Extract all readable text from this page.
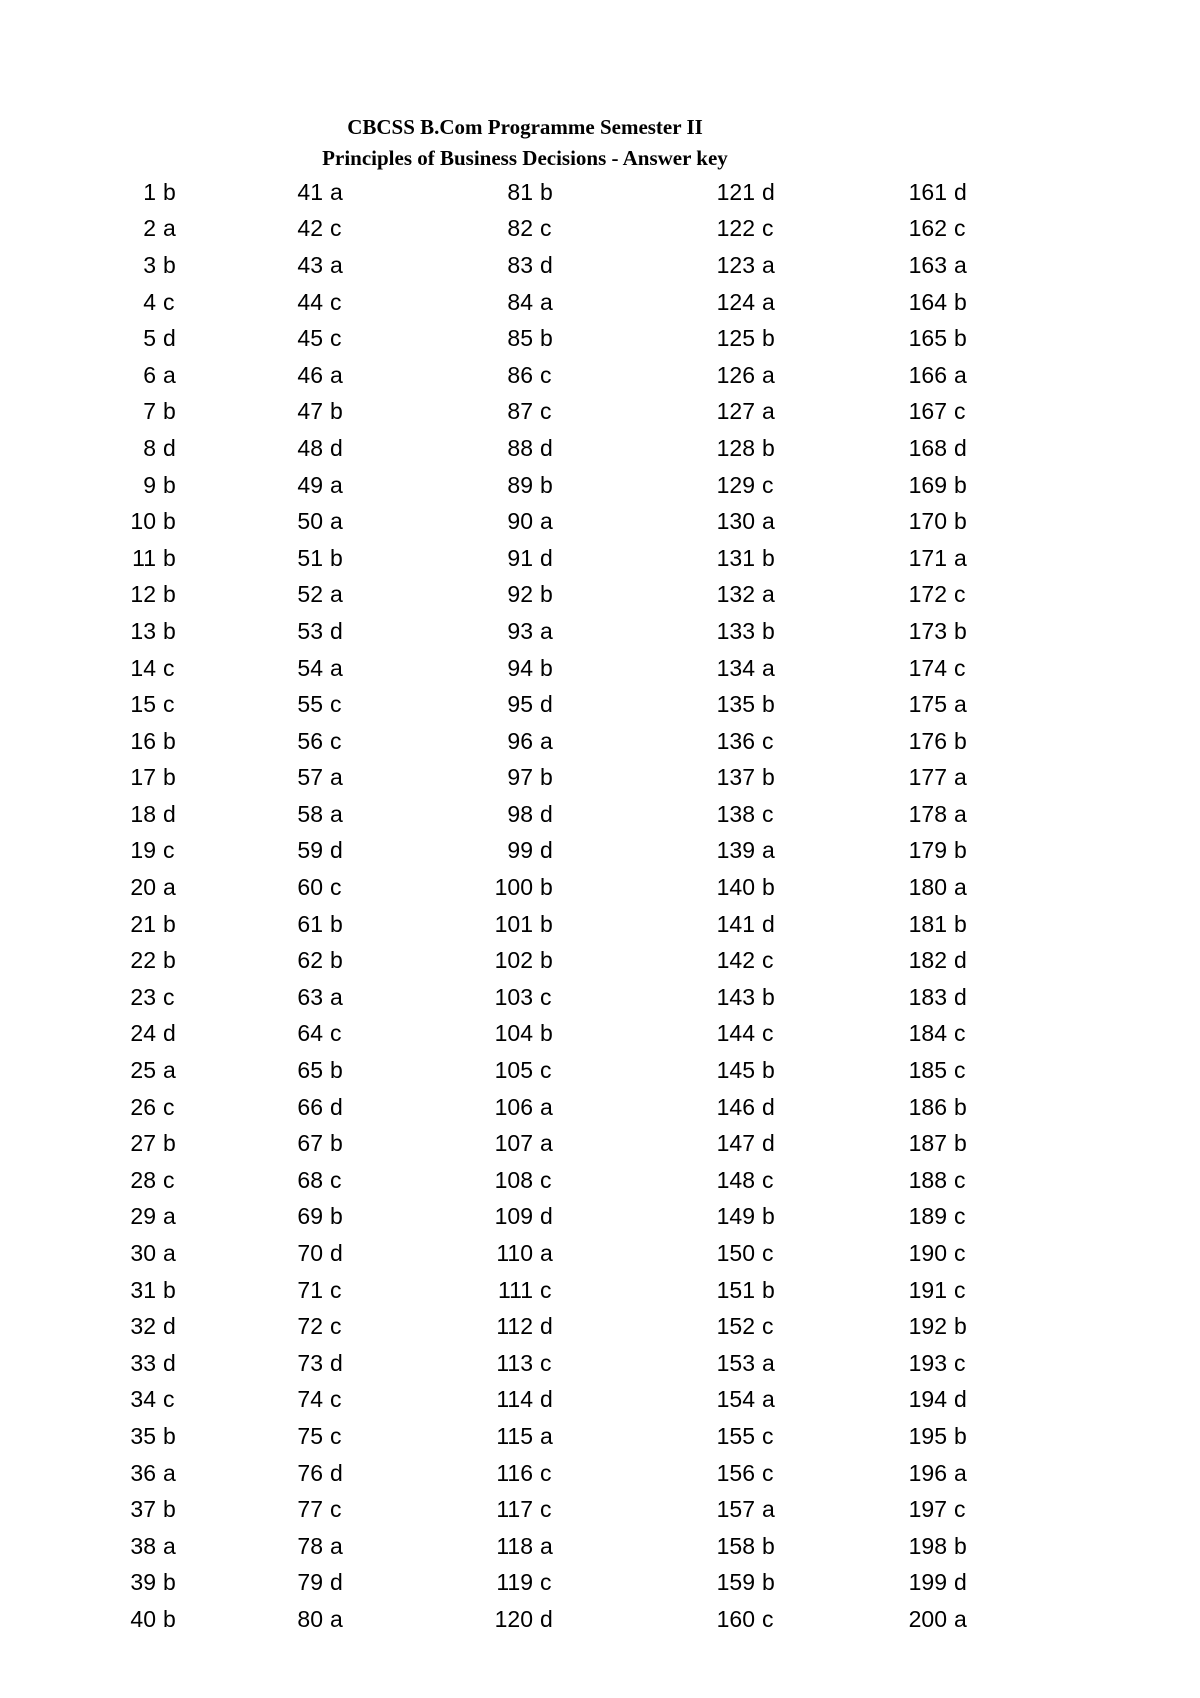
CBCSS B.Com Programme Semester II
Principles of Business Decisions - Answer key
1 b
2 a
3 b
4 c
5 d
6 a
7 b
8 d
9 b
10 b
11 b
12 b
13 b
14 c
15 c
16 b
17 b
18 d
19 c
20 a
21 b
22 b
23 c
24 d
25 a
26 c
27 b
28 c
29 a
30 a
31 b
32 d
33 d
34 c
35 b
36 a
37 b
38 a
39 b
40 b
41 a
42 c
43 a
44 c
45 c
46 a
47 b
48 d
49 a
50 a
51 b
52 a
53 d
54 a
55 c
56 c
57 a
58 a
59 d
60 c
61 b
62 b
63 a
64 c
65 b
66 d
67 b
68 c
69 b
70 d
71 c
72 c
73 d
74 c
75 c
76 d
77 c
78 a
79 d
80 a
81 b
82 c
83 d
84 a
85 b
86 c
87 c
88 d
89 b
90 a
91 d
92 b
93 a
94 b
95 d
96 a
97 b
98 d
99 d
100 b
101 b
102 b
103 c
104 b
105 c
106 a
107 a
108 c
109 d
110 a
111 c
112 d
113 c
114 d
115 a
116 c
117 c
118 a
119 c
120 d
121 d
122 c
123 a
124 a
125 b
126 a
127 a
128 b
129 c
130 a
131 b
132 a
133 b
134 a
135 b
136 c
137 b
138 c
139 a
140 b
141 d
142 c
143 b
144 c
145 b
146 d
147 d
148 c
149 b
150 c
151 b
152 c
153 a
154 a
155 c
156 c
157 a
158 b
159 b
160 c
161 d
162 c
163 a
164 b
165 b
166 a
167 c
168 d
169 b
170 b
171 a
172 c
173 b
174 c
175 a
176 b
177 a
178 a
179 b
180 a
181 b
182 d
183 d
184 c
185 c
186 b
187 b
188 c
189 c
190 c
191 c
192 b
193 c
194 d
195 b
196 a
197 c
198 b
199 d
200 a
